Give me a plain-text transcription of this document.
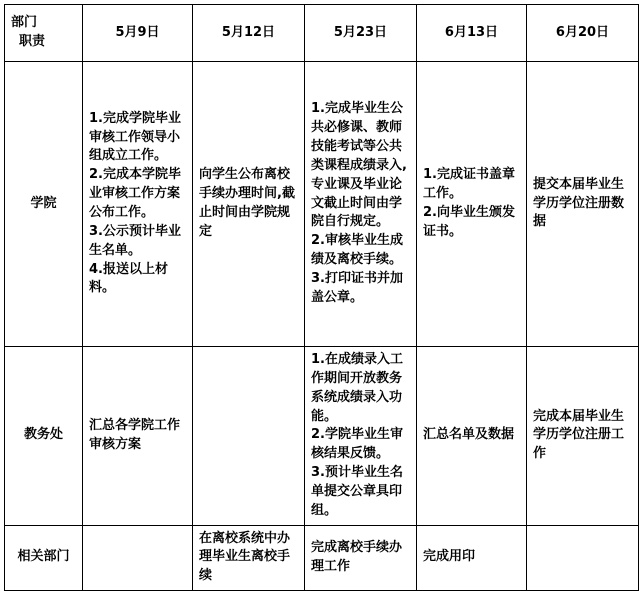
部门
职责	5月9日	5月12日	5月23日	6月13日	6月20日
学院	1.完成学院毕业审核工作领导小组成立工作。
2.完成本学院毕业审核工作方案公布工作。
3.公示预计毕业生名单。
4.报送以上材料。	向学生公布离校手续办理时间,截止时间由学院规定	1.完成毕业生公共必修课、教师技能考试等公共类课程成绩录入,专业课及毕业论文截止时间由学院自行规定。
2.审核毕业生成绩及离校手续。
3.打印证书并加盖公章。	1.完成证书盖章工作。
2.向毕业生颁发证书。	提交本届毕业生学历学位注册数据
教务处	汇总各学院工作审核方案		1.在成绩录入工作期间开放教务系统成绩录入功能。
2.学院毕业生审核结果反馈。
3.预计毕业生名单提交公章具印组。	汇总名单及数据	完成本届毕业生学历学位注册工作
相关部门		在离校系统中办理毕业生离校手续	完成离校手续办理工作	完成用印	
